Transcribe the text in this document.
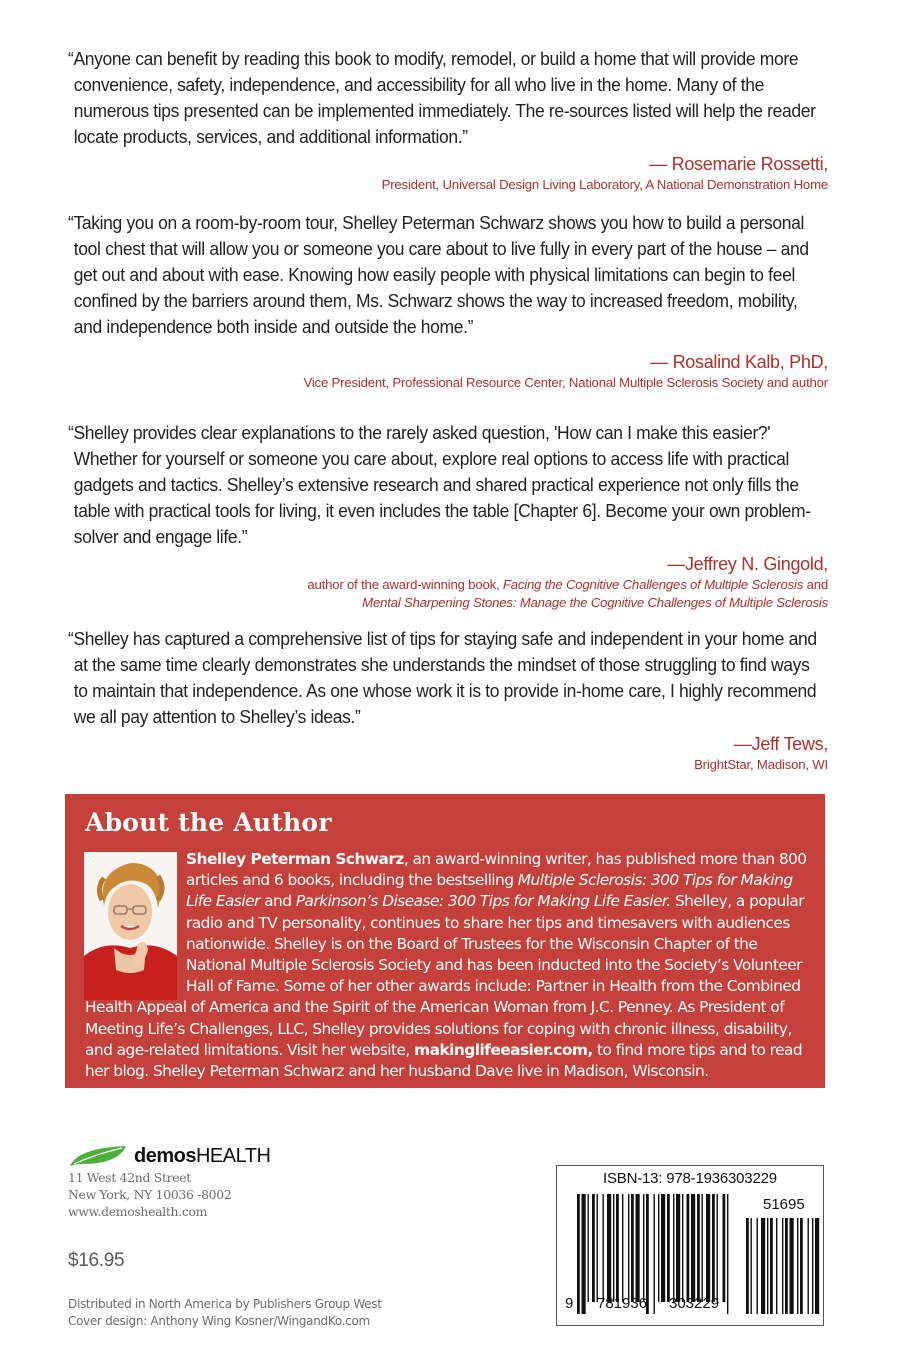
“Anyone can benefit by reading this book to modify, remodel, or build a home that will provide more convenience, safety, independence, and accessibility for all who live in the home. Many of the numerous tips presented can be implemented immediately. The re-sources listed will help the reader locate products, services, and additional information.”

— Rosemarie Rossetti,

President, Universal Design Living Laboratory, A National Demonstration Home

“Taking you on a room-by-room tour, Shelley Peterman Schwarz shows you how to build a personal tool chest that will allow you or someone you care about to live fully in every part of the house – and get out and about with ease. Knowing how easily people with physical limitations can begin to feel confined by the barriers around them, Ms. Schwarz shows the way to increased freedom, mobility, and independence both inside and outside the home.”

— Rosalind Kalb, PhD,

Vice President, Professional Resource Center, National Multiple Sclerosis Society and author

“Shelley provides clear explanations to the rarely asked question, 'How can I make this easier?' Whether for yourself or someone you care about, explore real options to access life with practical gadgets and tactics. Shelley’s extensive research and shared practical experience not only fills the table with practical tools for living, it even includes the table [Chapter 6]. Become your own problem-solver and engage life.”

—Jeffrey N. Gingold,

author of the award-winning book, Facing the Cognitive Challenges of Multiple Sclerosis and
Mental Sharpening Stones: Manage the Cognitive Challenges of Multiple Sclerosis

“Shelley has captured a comprehensive list of tips for staying safe and independent in your home and at the same time clearly demonstrates she understands the mindset of those struggling to find ways to maintain that independence. As one whose work it is to provide in-home care, I highly recommend we all pay attention to Shelley’s ideas.”

—Jeff Tews,

BrightStar, Madison, WI

About the Author
Shelley Peterman Schwarz, an award-winning writer, has published more than 800 articles and 6 books, including the bestselling Multiple Sclerosis: 300 Tips for Making Life Easier and Parkinson’s Disease: 300 Tips for Making Life Easier. Shelley, a popular radio and TV personality, continues to share her tips and timesavers with audiences nationwide. Shelley is on the Board of Trustees for the Wisconsin Chapter of the National Multiple Sclerosis Society and has been inducted into the Society’s Volunteer Hall of Fame. Some of her other awards include: Partner in Health from the Combined Health Appeal of America and the Spirit of the American Woman from J.C. Penney. As President of Meeting Life’s Challenges, LLC, Shelley provides solutions for coping with chronic illness, disability, and age-related limitations. Visit her website, makinglifeeasier.com, to find more tips and to read her blog. Shelley Peterman Schwarz and her husband Dave live in Madison, Wisconsin.
demosHEALTH
11 West 42nd Street
New York, NY 10036 -8002
www.demoshealth.com
$16.95
Distributed in North America by Publishers Group West
Cover design: Anthony Wing Kosner/WingandKo.com
ISBN-13: 978-1936303229
51695
9 781936 303229
